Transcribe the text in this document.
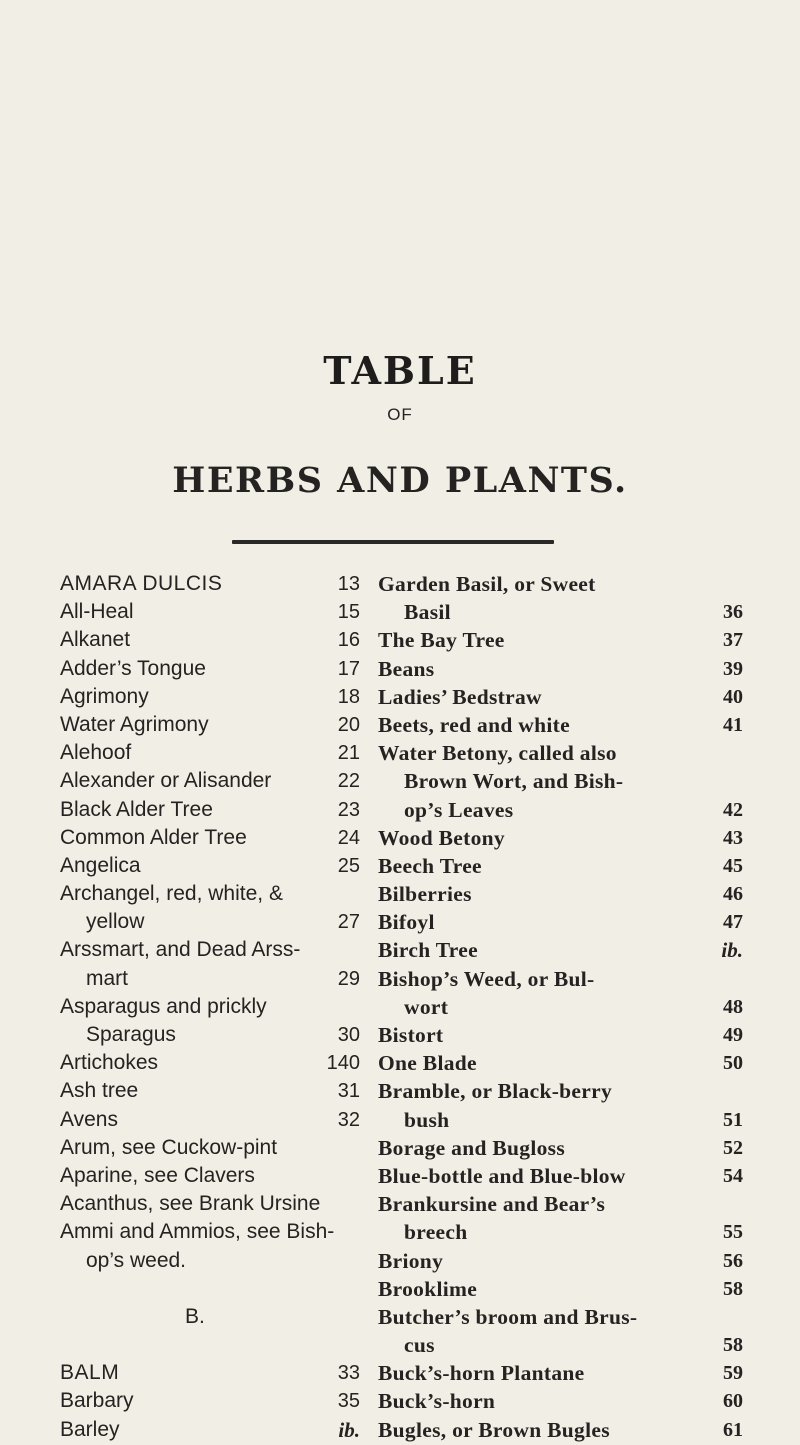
TABLE
OF
HERBS AND PLANTS.
AMARA DULCIS	13
All-Heal	15
Alkanet	16
Adder’s Tongue	17
Agrimony	18
Water Agrimony	20
Alehoof	21
Alexander or Alisander	22
Black Alder Tree	23
Common Alder Tree	24
Angelica	25
Archangel, red, white, &
yellow	27
Arssmart, and Dead Arss-
mart	29
Asparagus and prickly
Sparagus	30
Artichokes	140
Ash tree	31
Avens	32
Arum, see Cuckow-pint
Aparine, see Clavers
Acanthus, see Brank Ursine
Ammi and Ammios, see Bish-
op’s weed.
B.
BALM	33
Barbary	35
Barley	ib.
Garden Basil, or Sweet
Basil	36
The Bay Tree	37
Beans	39
Ladies’ Bedstraw	40
Beets, red and white	41
Water Betony, called also
Brown Wort, and Bish-
op’s Leaves	42
Wood Betony	43
Beech Tree	45
Bilberries	46
Bifoyl	47
Birch Tree	ib.
Bishop’s Weed, or Bul-
wort	48
Bistort	49
One Blade	50
Bramble, or Black-berry
bush	51
Borage and Bugloss	52
Blue-bottle and Blue-blow	54
Brankursine and Bear’s
breech	55
Briony	56
Brooklime	58
Butcher’s broom and Brus-
cus	58
Buck’s-horn Plantane	59
Buck’s-horn	60
Bugles, or Brown Bugles	61
